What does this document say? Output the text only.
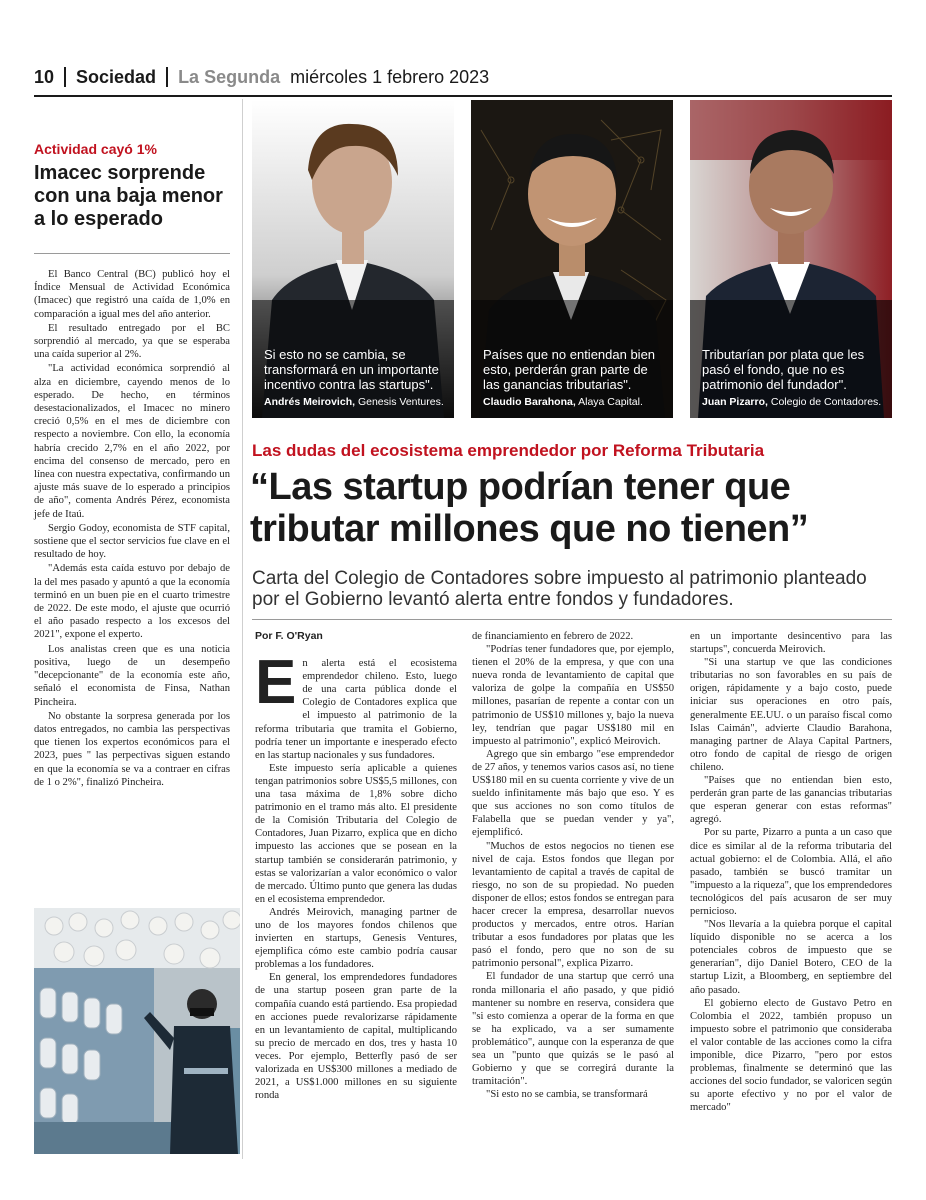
10 Sociedad La Segunda miércoles 1 febrero 2023
Actividad cayó 1%
Imacec sorprende con una baja menor a lo esperado

El Banco Central (BC) publicó hoy el Índice Mensual de Actividad Económica (Imacec) que registró una caída de 1,0% en comparación a igual mes del año anterior.

El resultado entregado por el BC sorprendió al mercado, ya que se esperaba una caída superior al 2%.

"La actividad económica sorprendió al alza en diciembre, cayendo menos de lo esperado. De hecho, en términos desestacionalizados, el Imacec no minero creció 0,5% en el mes de diciembre con respecto a noviembre. Con ello, la economía habría crecido 2,7% en el año 2022, por encima del consenso de mercado, pero en línea con nuestra expectativa, confirmando un ajuste más suave de lo esperado a principios de año", comenta Andrés Pérez, economista jefe de Itaú.

Sergio Godoy, economista de STF capital, sostiene que el sector servicios fue clave en el resultado de hoy.

"Además esta caída estuvo por debajo de la del mes pasado y apuntó a que la economía terminó en un buen pie en el cuarto trimestre de 2022. De este modo, el ajuste que ocurrió el año pasado respecto a los excesos del 2021", expone el experto.

Los analistas creen que es una noticia positiva, luego de un desempeño "decepcionante" de la economía este año, señaló el economista de Finsa, Nathan Pincheira.

No obstante la sorpresa generada por los datos entregados, no cambia las perspectivas que tienen los expertos económicos para el 2023, pues " las perpectivas siguen estando en que la economía se va a contraer en cifras de 1 o 2%", finalizó Pincheira.

Si esto no se cambia, se transformará en un importante incentivo contra las startups".
Andrés Meirovich, Genesis Ventures.
Países que no entiendan bien esto, perderán gran parte de las ganancias tributarias".
Claudio Barahona, Alaya Capital.
Tributarían por plata que les pasó el fondo, que no es patrimonio del fundador".
Juan Pizarro, Colegio de Contadores.
Las dudas del ecosistema emprendedor por Reforma Tributaria
“Las startup podrían tener que tributar millones que no tienen”
Carta del Colegio de Contadores sobre impuesto al patrimonio planteado por el Gobierno levantó alerta entre fondos y fundadores.
Por F. O'Ryan

En alerta está el ecosistema emprendedor chileno. Esto, luego de una carta pública donde el Colegio de Contadores explica que el impuesto al patrimonio de la reforma tributaria que tramita el Gobierno, podría tener un importante e inesperado efecto en las startup nacionales y sus fundadores.

Este impuesto sería aplicable a quienes tengan patrimonios sobre US$5,5 millones, con una tasa máxima de 1,8% sobre dicho patrimonio en el tramo más alto. El presidente de la Comisión Tributaria del Colegio de Contadores, Juan Pizarro, explica que en dicho impuesto las acciones que se posean en la startup también se considerarán patrimonio, y estas se valorizarían a valor económico o valor de mercado. Último punto que genera las dudas en el ecosistema emprendedor.

Andrés Meirovich, managing partner de uno de los mayores fondos chilenos que invierten en startups, Genesis Ventures, ejemplifica cómo este cambio podría causar problemas a los fundadores.

En general, los emprendedores fundadores de una startup poseen gran parte de la compañía cuando está partiendo. Esa propiedad en acciones puede revalorizarse rápidamente en un levantamiento de capital, multiplicando su precio de mercado en dos, tres y hasta 10 veces. Por ejemplo, Betterfly pasó de ser valorizada en US$300 millones a mediado de 2021, a US$1.000 millones en su siguiente ronda

de financiamiento en febrero de 2022.

"Podrías tener fundadores que, por ejemplo, tienen el 20% de la empresa, y que con una nueva ronda de levantamiento de capital que valoriza de golpe la compañía en US$50 millones, pasarían de repente a contar con un patrimonio de US$10 millones y, bajo la nueva ley, tendrían que pagar US$180 mil en impuesto al patrimonio", explicó Meirovich.

Agrego que sin embargo "ese emprendedor de 27 años, y tenemos varios casos así, no tiene US$180 mil en su cuenta corriente y vive de un sueldo infinitamente más bajo que eso. Y es que sus acciones no son como títulos de Falabella que se puedan vender y ya", ejemplificó.

"Muchos de estos negocios no tienen ese nivel de caja. Estos fondos que llegan por levantamiento de capital a través de capital de riesgo, no son de su propiedad. No pueden disponer de ellos; estos fondos se entregan para hacer crecer la empresa, desarrollar nuevos productos y mercados, entre otros. Harían tributar a esos fundadores por platas que les pasó el fondo, pero que no son de su patrimonio personal", explica Pizarro.

El fundador de una startup que cerró una ronda millonaria el año pasado, y que pidió mantener su nombre en reserva, considera que "si esto comienza a operar de la forma en que se ha explicado, va a ser sumamente problemático", aunque con la esperanza de que sea un "punto que quizás se le pasó al Gobierno y que se corregirá durante la tramitación".

"Si esto no se cambia, se transformará

en un importante desincentivo para las startups", concuerda Meirovich.

"Si una startup ve que las condiciones tributarias no son favorables en su país de origen, rápidamente y a bajo costo, puede iniciar sus operaciones en otro país, generalmente EE.UU. o un paraíso fiscal como Islas Caimán", advierte Claudio Barahona, managing partner de Alaya Capital Partners, otro fondo de capital de riesgo de origen chileno.

"Países que no entiendan bien esto, perderán gran parte de las ganancias tributarias que esperan generar con estas reformas" agregó.

Por su parte, Pizarro a punta a un caso que dice es similar al de la reforma tributaria del actual gobierno: el de Colombia. Allá, el año pasado, también se buscó tramitar un "impuesto a la riqueza", que los emprendedores tecnológicos del país acusaron de ser muy pernicioso.

"Nos llevaría a la quiebra porque el capital líquido disponible no se acerca a los potenciales cobros de impuesto que se generarían", dijo Daniel Botero, CEO de la startup Lizit, a Bloomberg, en septiembre del año pasado.

El gobierno electo de Gustavo Petro en Colombia el 2022, también propuso un impuesto sobre el patrimonio que consideraba el valor contable de las acciones como la cifra imponible, dice Pizarro, "pero por estos problemas, finalmente se determinó que las acciones del socio fundador, se valoricen según su aporte efectivo y no por el valor de mercado"
